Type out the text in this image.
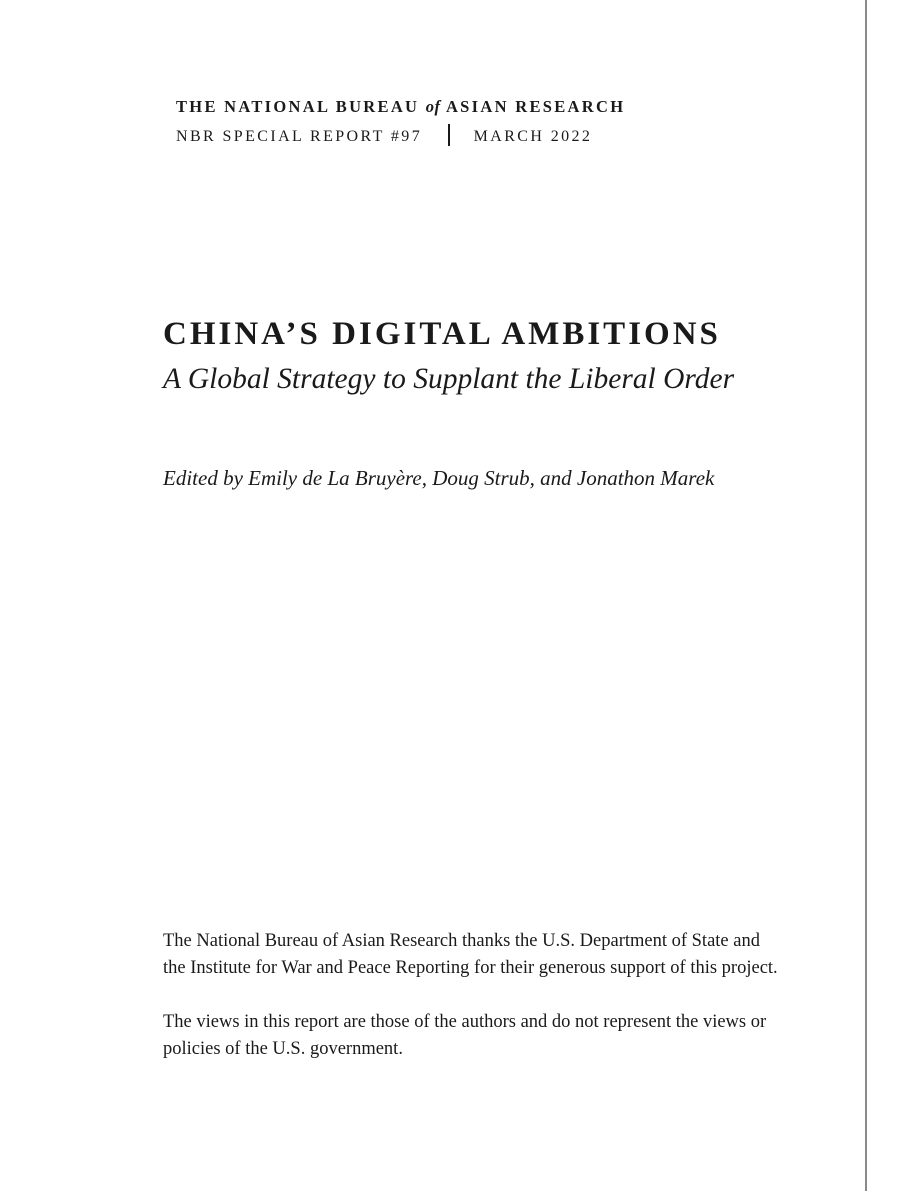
THE NATIONAL BUREAU of ASIAN RESEARCH
NBR SPECIAL REPORT #97	MARCH 2022
CHINA’S DIGITAL AMBITIONS
A Global Strategy to Supplant the Liberal Order
Edited by Emily de La Bruyère, Doug Strub, and Jonathon Marek

The National Bureau of Asian Research thanks the U.S. Department of State and the Institute for War and Peace Reporting for their generous support of this project.

The views in this report are those of the authors and do not represent the views or policies of the U.S. government.
